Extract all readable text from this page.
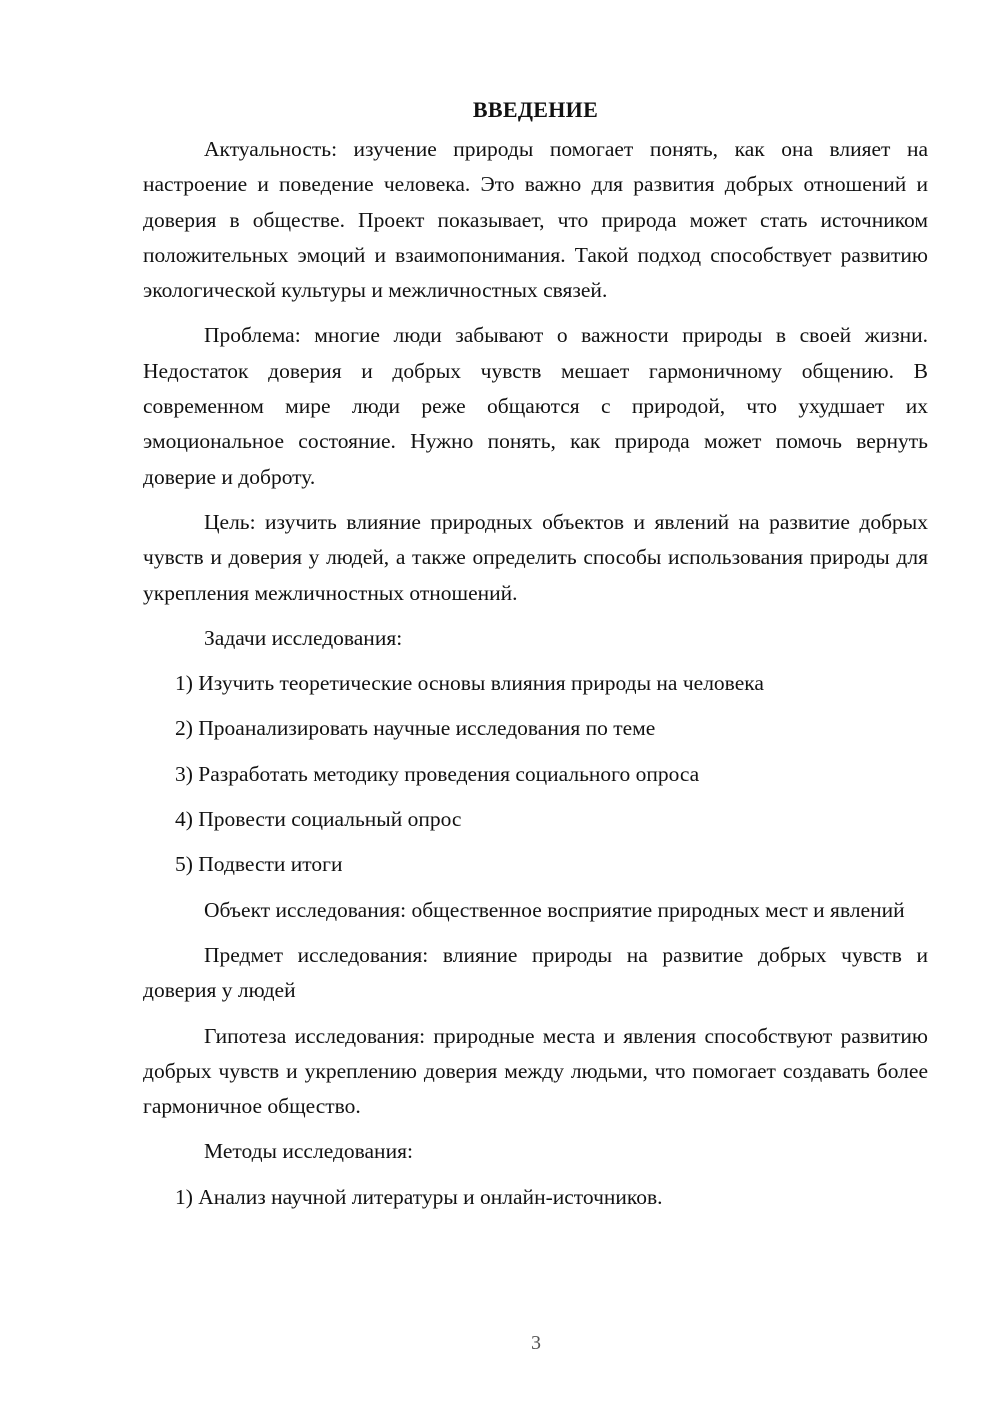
ВВЕДЕНИЕ

Актуальность: изучение природы помогает понять, как она влияет на настроение и поведение человека. Это важно для развития добрых отношений и доверия в обществе. Проект показывает, что природа может стать источником положительных эмоций и взаимопонимания. Такой подход способствует развитию экологической культуры и межличностных связей.

Проблема: многие люди забывают о важности природы в своей жизни. Недостаток доверия и добрых чувств мешает гармоничному общению. В современном мире люди реже общаются с природой, что ухудшает их эмоциональное состояние. Нужно понять, как природа может помочь вернуть доверие и доброту.

Цель: изучить влияние природных объектов и явлений на развитие добрых чувств и доверия у людей, а также определить способы использования природы для укрепления межличностных отношений.

Задачи исследования:

1) Изучить теоретические основы влияния природы на человека
2) Проанализировать научные исследования по теме
3) Разработать методику проведения социального опроса
4) Провести социальный опрос
5) Подвести итоги

Объект исследования: общественное восприятие природных мест и явлений

Предмет исследования: влияние природы на развитие добрых чувств и доверия у людей

Гипотеза исследования: природные места и явления способствуют развитию добрых чувств и укреплению доверия между людьми, что помогает создавать более гармоничное общество.

Методы исследования:

1) Анализ научной литературы и онлайн-источников.
3
